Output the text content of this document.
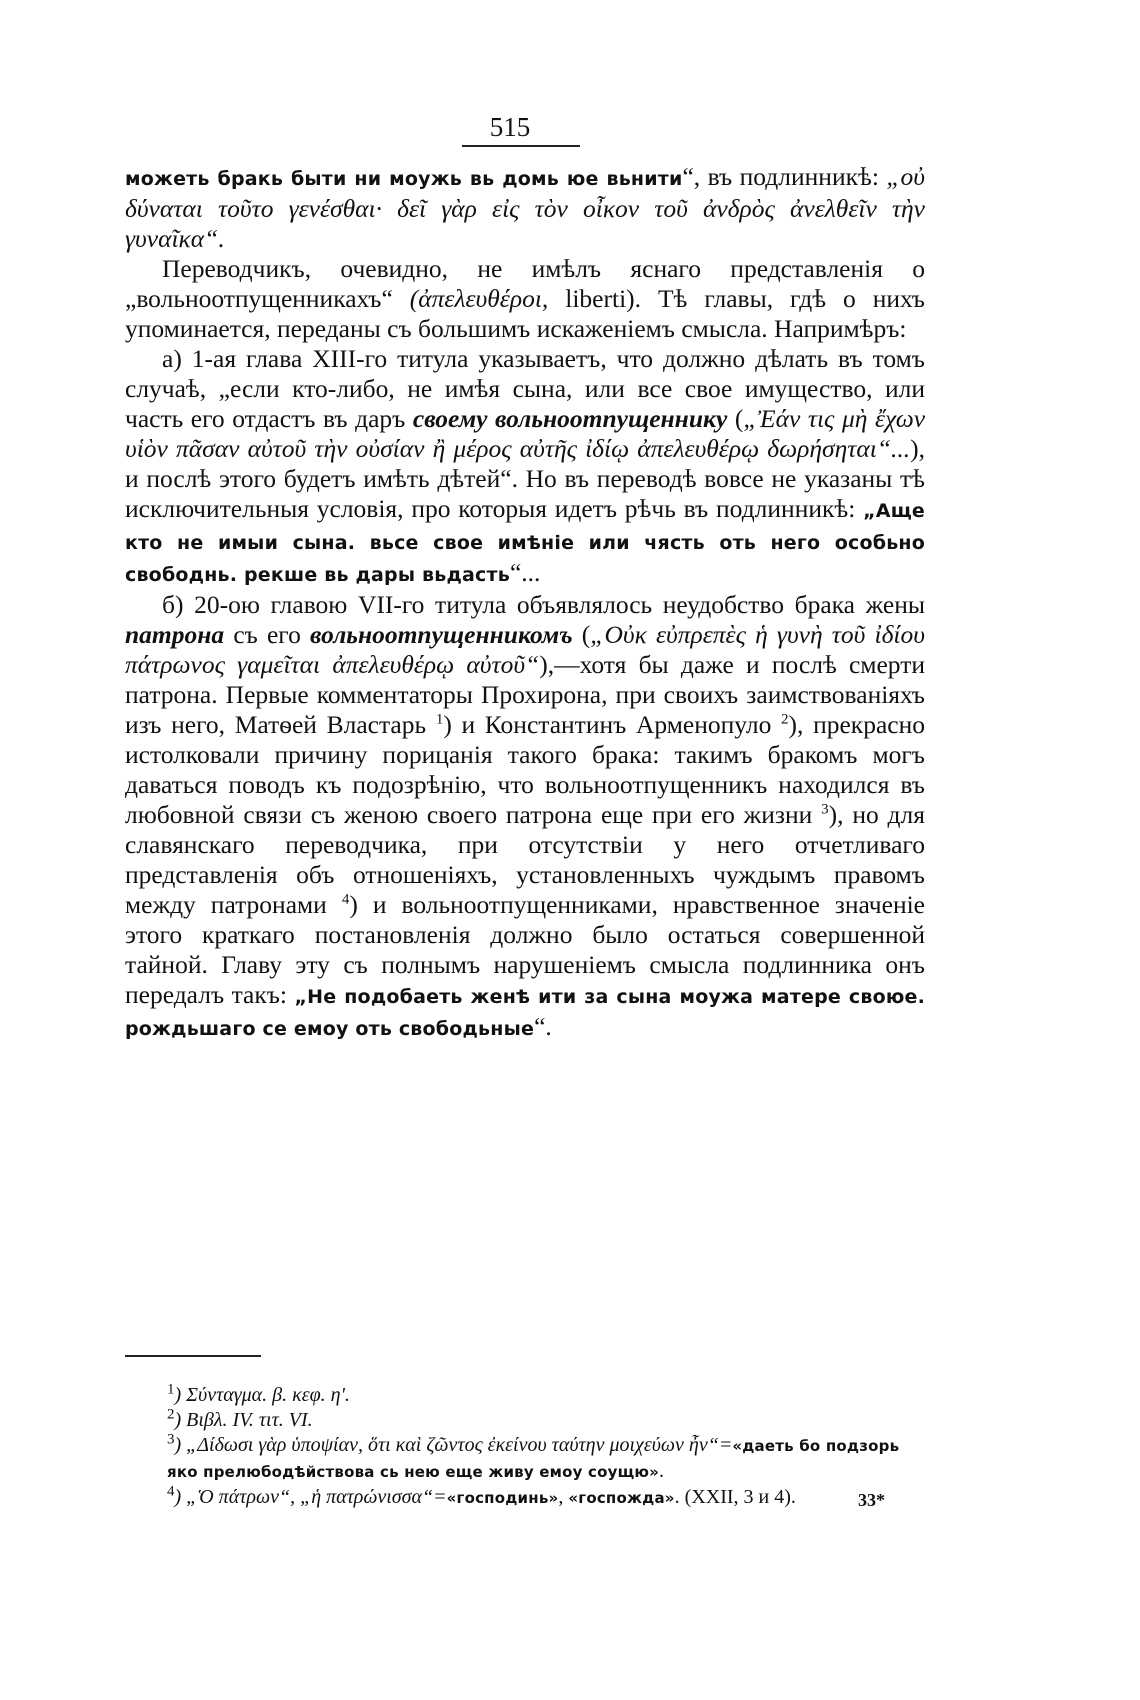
515

можеть бракь быти ни моужь вь домь юе вьнити“, въ подлинникѣ: „οὐ δύναται τοῦτο γενέσθαι· δεῖ γὰρ εἰς τὸν οἶκον τοῦ ἀνδρὸς ἀνελθεῖν τὴν γυναῖκα“.

Переводчикъ, очевидно, не имѣлъ яснаго представленія о „вольноотпущенникахъ“ (ἀπελευθέροι, liberti). Тѣ главы, гдѣ о нихъ упоминается, переданы съ большимъ искаженіемъ смысла. Напримѣръ:

а) 1-ая глава XIII-го титула указываетъ, что должно дѣлать въ томъ случаѣ, „если кто-либо, не имѣя сына, или все свое имущество, или часть его отдастъ въ даръ своему вольноотпущеннику („Ἐάν τις μὴ ἔχων υἱὸν πᾶσαν αὐτοῦ τὴν οὐσίαν ἢ μέρος αὐτῆς ἰδίῳ ἀπελευθέρῳ δωρήσηται“...), и послѣ этого будетъ имѣть дѣтей“. Но въ переводѣ вовсе не указаны тѣ исключительныя условія, про которыя идетъ рѣчь въ подлинникѣ: „Аще кто не имыи сына. вьсе свое имѣніе или чясть оть него особьно свободнь. рекше вь дары вьдасть“...

б) 20-ою главою VII-го титула объявлялось неудобство брака жены патрона съ его вольноотпущенникомъ („Οὐκ εὐπρεπὲς ἡ γυνὴ τοῦ ἰδίου πάτρωνος γαμεῖται ἀπελευθέρῳ αὐτοῦ“),—хотя бы даже и послѣ смерти патрона. Первые комментаторы Прохирона, при своихъ заимствованіяхъ изъ него, Матѳей Властарь $^1$) и Константинъ Арменопуло $^2$), прекрасно истолковали причину порицанія такого брака: такимъ бракомъ могъ даваться поводъ къ подозрѣнію, что вольноотпущенникъ находился въ любовной связи съ женою своего патрона еще при его жизни $^3$), но для славянскаго переводчика, при отсутствіи у него отчетливаго представленія объ отношеніяхъ, установленныхъ чуждымъ правомъ между патронами $^4$) и вольноотпущенниками, нравственное значеніе этого краткаго постановленія должно было остаться совершенной тайной. Главу эту съ полнымъ нарушеніемъ смысла подлинника онъ передалъ такъ: „Не подобаеть женѣ ити за сына моужа матере своюе. рождьшаго се емоу оть свободьные“.

$^1$) Σύνταγμα. β. κεφ. η'.

$^2$) Βιβλ. IV. τιτ. VI.

$^3$) „Δίδωσι γὰρ ὑποψίαν, ὅτι καὶ ζῶντος ἐκείνου ταύτην μοιχεύων ἦν“=«даеть бо подзорь яко прелюбодѣйствова сь нею еще живу емоу соущю».

$^4$) „Ὁ πάτρων“, „ἡ πατρώνισσα“=«господинь», «госпожда». (XXII, 3 и 4).	33*
